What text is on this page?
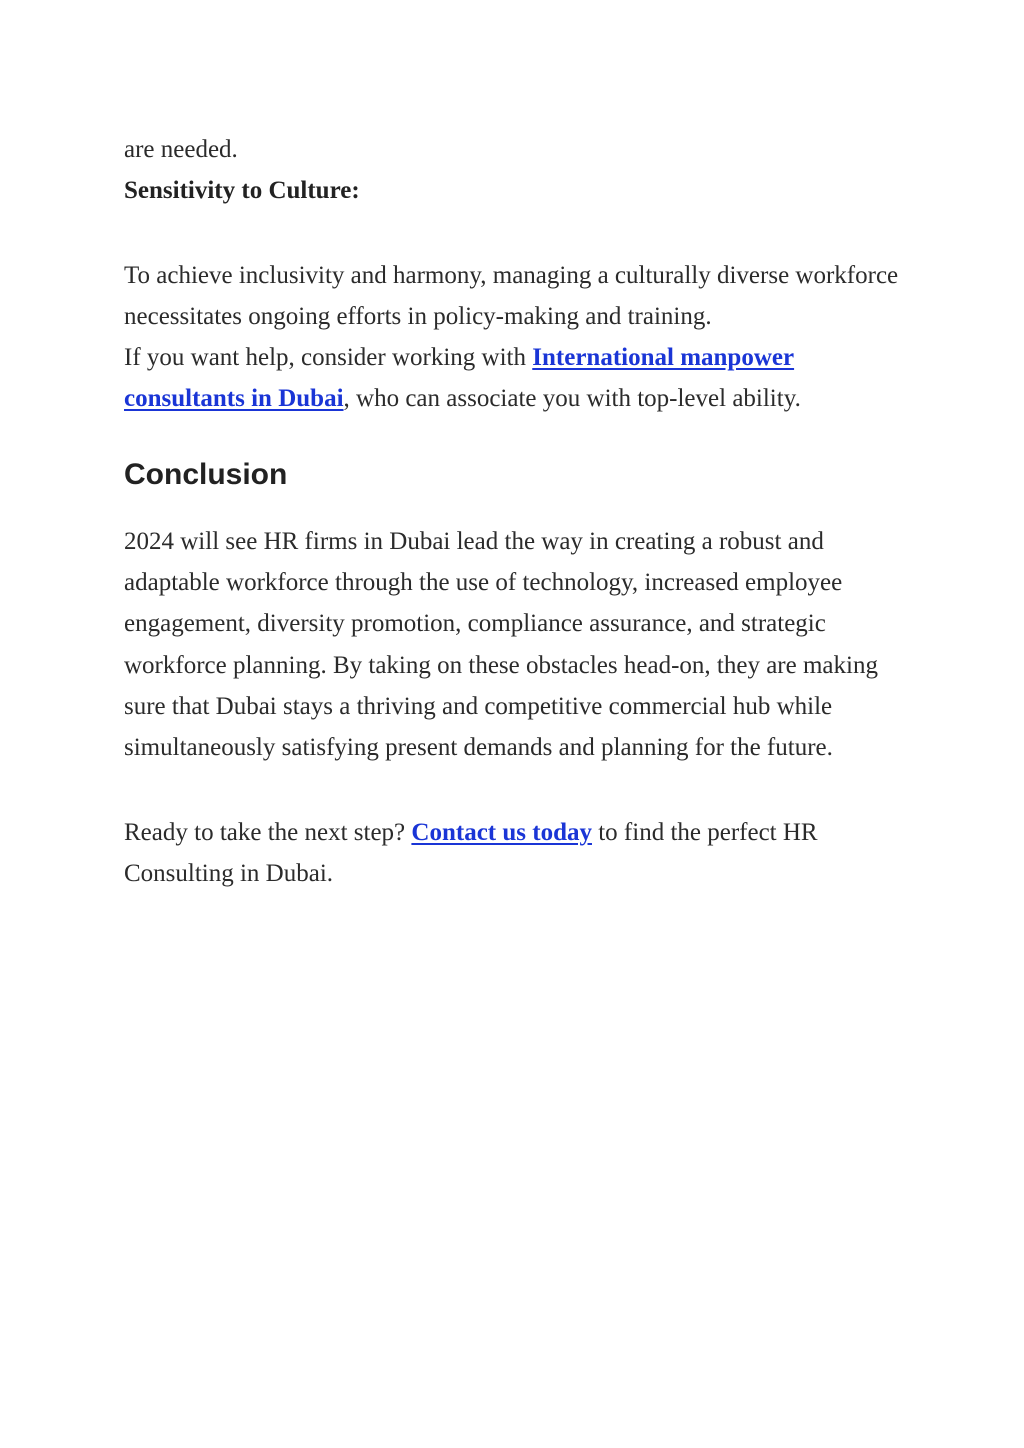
are needed.

Sensitivity to Culture:

To achieve inclusivity and harmony, managing a culturally diverse workforce necessitates ongoing efforts in policy-making and training.

If you want help, consider working with International manpower consultants in Dubai, who can associate you with top-level ability.

Conclusion

2024 will see HR firms in Dubai lead the way in creating a robust and adaptable workforce through the use of technology, increased employee engagement, diversity promotion, compliance assurance, and strategic workforce planning. By taking on these obstacles head-on, they are making sure that Dubai stays a thriving and competitive commercial hub while simultaneously satisfying present demands and planning for the future.

Ready to take the next step? Contact us today to find the perfect HR Consulting in Dubai.
